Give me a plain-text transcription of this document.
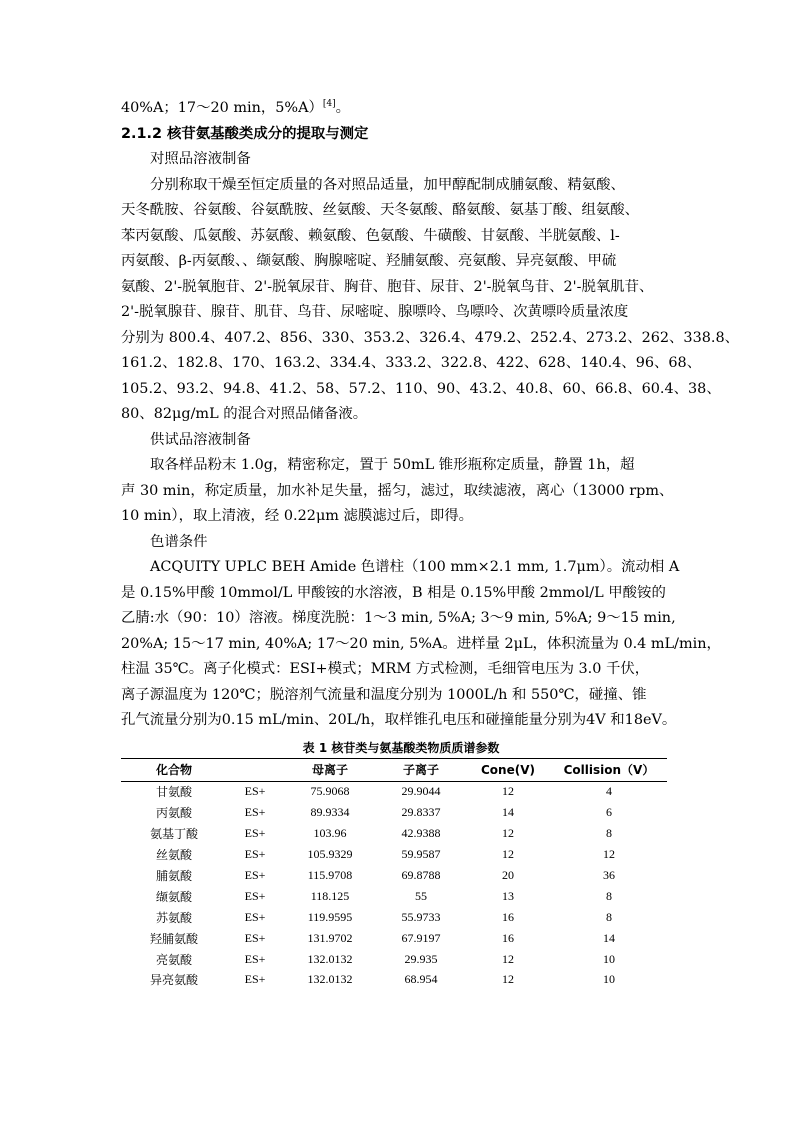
40%A；17～20 min，5%A）[4]。
2.1.2 核苷氨基酸类成分的提取与测定
对照品溶液制备
分别称取干燥至恒定质量的各对照品适量，加甲醇配制成脯氨酸、精氨酸、
天冬酰胺、谷氨酸、谷氨酰胺、丝氨酸、天冬氨酸、酪氨酸、氨基丁酸、组氨酸、
苯丙氨酸、瓜氨酸、苏氨酸、赖氨酸、色氨酸、牛磺酸、甘氨酸、半胱氨酸、l-
丙氨酸、β-丙氨酸、、缬氨酸、胸腺嘧啶、羟脯氨酸、亮氨酸、异亮氨酸、甲硫
氨酸、2'-脱氧胞苷、2'-脱氧尿苷、胸苷、胞苷、尿苷、2'-脱氧鸟苷、2'-脱氧肌苷、
2'-脱氧腺苷、腺苷、肌苷、鸟苷、尿嘧啶、腺嘌呤、鸟嘌呤、次黄嘌呤质量浓度
分别为 800.4、407.2、856、330、353.2、326.4、479.2、252.4、273.2、262、338.8、
161.2、182.8、170、163.2、334.4、333.2、322.8、422、628、140.4、96、68、
105.2、93.2、94.8、41.2、58、57.2、110、90、43.2、40.8、60、66.8、60.4、38、
80、82μg/mL 的混合对照品储备液。
供试品溶液制备
取各样品粉末 1.0g，精密称定，置于 50mL 锥形瓶称定质量，静置 1h，超
声 30 min，称定质量，加水补足失量，摇匀，滤过，取续滤液，离心（13000 rpm、
10 min），取上清液，经 0.22μm 滤膜滤过后，即得。
色谱条件
ACQUITY UPLC BEH Amide 色谱柱（100 mm×2.1 mm, 1.7μm）。流动相 A
是 0.15%甲酸 10mmol/L 甲酸铵的水溶液，B 相是 0.15%甲酸 2mmol/L 甲酸铵的
乙腈:水（90：10）溶液。梯度洗脱：1～3 min, 5%A; 3～9 min, 5%A; 9～15 min,
20%A; 15～17 min, 40%A; 17～20 min, 5%A。进样量 2μL，体积流量为 0.4 mL/min，
柱温 35℃。离子化模式：ESI+模式；MRM 方式检测，毛细管电压为 3.0 千伏，
离子源温度为 120℃；脱溶剂气流量和温度分别为 1000L/h 和 550℃，碰撞、锥
孔气流量分别为0.15 mL/min、20L/h，取样锥孔电压和碰撞能量分别为4V 和18eV。
表 1 核苷类与氨基酸类物质质谱参数
化合物		母离子	子离子	Cone(V)	Collision（V）
甘氨酸	ES+	75.9068	29.9044	12	4
丙氨酸	ES+	89.9334	29.8337	14	6
氨基丁酸	ES+	103.96	42.9388	12	8
丝氨酸	ES+	105.9329	59.9587	12	12
脯氨酸	ES+	115.9708	69.8788	20	36
缬氨酸	ES+	118.125	55	13	8
苏氨酸	ES+	119.9595	55.9733	16	8
羟脯氨酸	ES+	131.9702	67.9197	16	14
亮氨酸	ES+	132.0132	29.935	12	10
异亮氨酸	ES+	132.0132	68.954	12	10
